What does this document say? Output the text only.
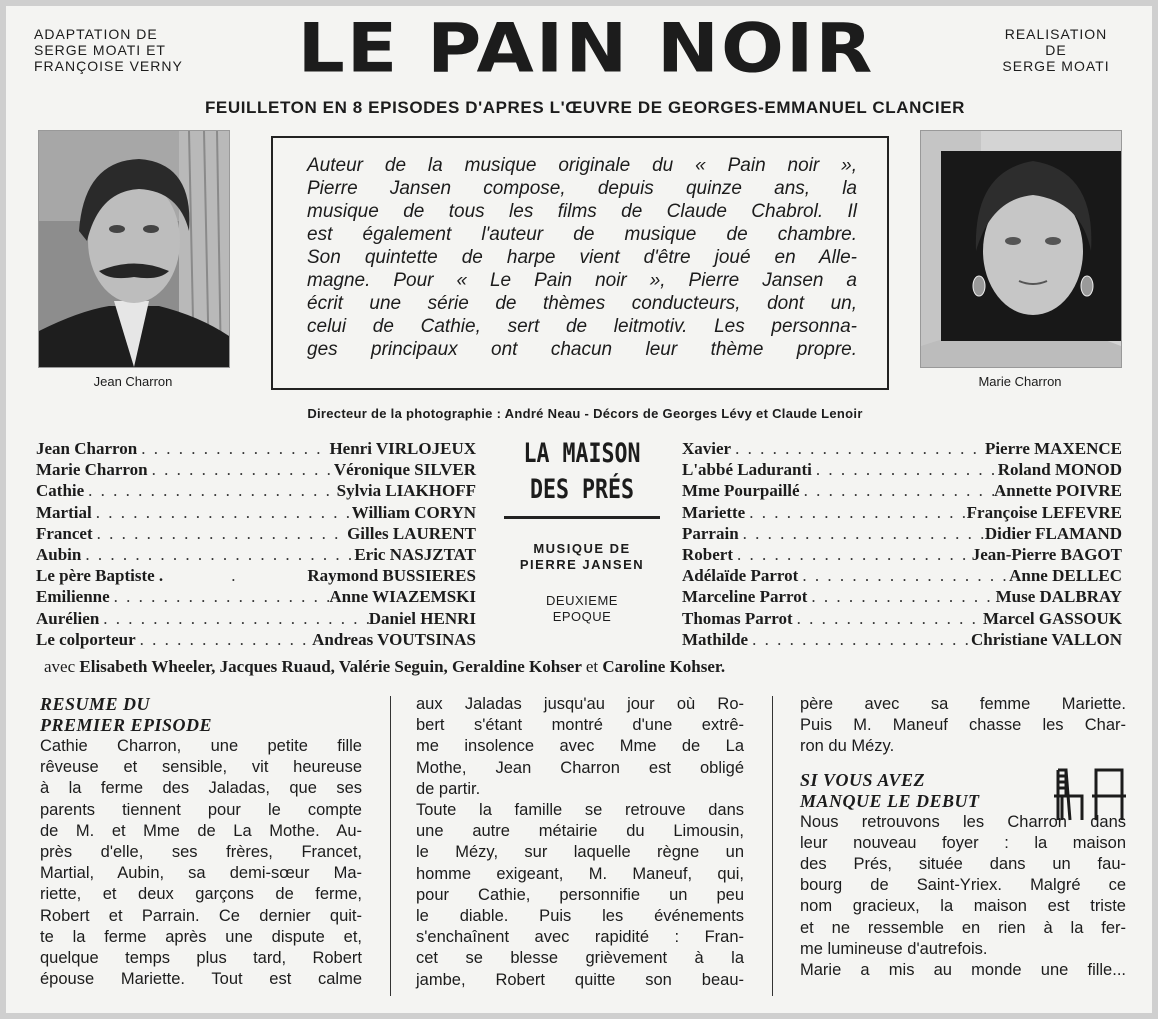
ADAPTATION DE
SERGE MOATI ET
FRANÇOISE VERNY	LE PAIN NOIR	REALISATION
DE
SERGE MOATI
FEUILLETON EN 8 EPISODES D'APRES L'ŒUVRE DE GEORGES-EMMANUEL CLANCIER
Jean Charron	Marie Charron
Auteur de la musique originale du « Pain noir »,
Pierre Jansen compose, depuis quinze ans, la
musique de tous les films de Claude Chabrol. Il
est également l'auteur de musique de chambre.
Son quintette de harpe vient d'être joué en Alle-
magne. Pour « Le Pain noir », Pierre Jansen a
écrit une série de thèmes conducteurs, dont un,
celui de Cathie, sert de leitmotiv. Les personna-
ges principaux ont chacun leur thème propre.
Directeur de la photographie : André Neau - Décors de Georges Lévy et Claude Lenoir
Jean Charron . . .	Henri VIRLOJEUX
Marie Charron . . .	Véronique SILVER
Cathie . . .	Sylvia LIAKHOFF
Martial . . .	William CORYN
Francet . . .	Gilles LAURENT
Aubin . . .	Eric NASJZTAT
Le père Baptiste . . . .	Raymond BUSSIERES
Emilienne . . .	Anne WIAZEMSKI
Aurélien . . .	Daniel HENRI
Le colporteur . . .	Andreas VOUTSINAS
LA MAISON
DES PRÉS
MUSIQUE DE
PIERRE JANSEN
DEUXIEME
EPOQUE
Xavier . . .	Pierre MAXENCE
L'abbé Laduranti . . .	Roland MONOD
Mme Pourpaillé . . .	Annette POIVRE
Mariette . . .	Françoise LEFEVRE
Parrain . . .	Didier FLAMAND
Robert . . .	Jean-Pierre BAGOT
Adélaïde Parrot . . .	Anne DELLEC
Marceline Parrot . . .	Muse DALBRAY
Thomas Parrot . . .	Marcel GASSOUK
Mathilde . . .	Christiane VALLON
avec Elisabeth Wheeler, Jacques Ruaud, Valérie Seguin, Geraldine Kohser et Caroline Kohser.
RESUME DU
PREMIER EPISODE
Cathie Charron, une petite fille
rêveuse et sensible, vit heureuse
à la ferme des Jaladas, que ses
parents tiennent pour le compte
de M. et Mme de La Mothe. Au-
près d'elle, ses frères, Francet,
Martial, Aubin, sa demi-sœur Ma-
riette, et deux garçons de ferme,
Robert et Parrain. Ce dernier quit-
te la ferme après une dispute et,
quelque temps plus tard, Robert
épouse Mariette. Tout est calme
aux Jaladas jusqu'au jour où Ro-
bert s'étant montré d'une extrê-
me insolence avec Mme de La
Mothe, Jean Charron est obligé
de partir.
Toute la famille se retrouve dans
une autre métairie du Limousin,
le Mézy, sur laquelle règne un
homme exigeant, M. Maneuf, qui,
pour Cathie, personnifie un peu
le diable. Puis les événements
s'enchaînent avec rapidité : Fran-
cet se blesse grièvement à la
jambe, Robert quitte son beau-
père avec sa femme Mariette.
Puis M. Maneuf chasse les Char-
ron du Mézy.
SI VOUS AVEZ
MANQUE LE DEBUT
Nous retrouvons les Charron dans
leur nouveau foyer : la maison
des Prés, située dans un fau-
bourg de Saint-Yriex. Malgré ce
nom gracieux, la maison est triste
et ne ressemble en rien à la fer-
me lumineuse d'autrefois.
Marie a mis au monde une fille...
